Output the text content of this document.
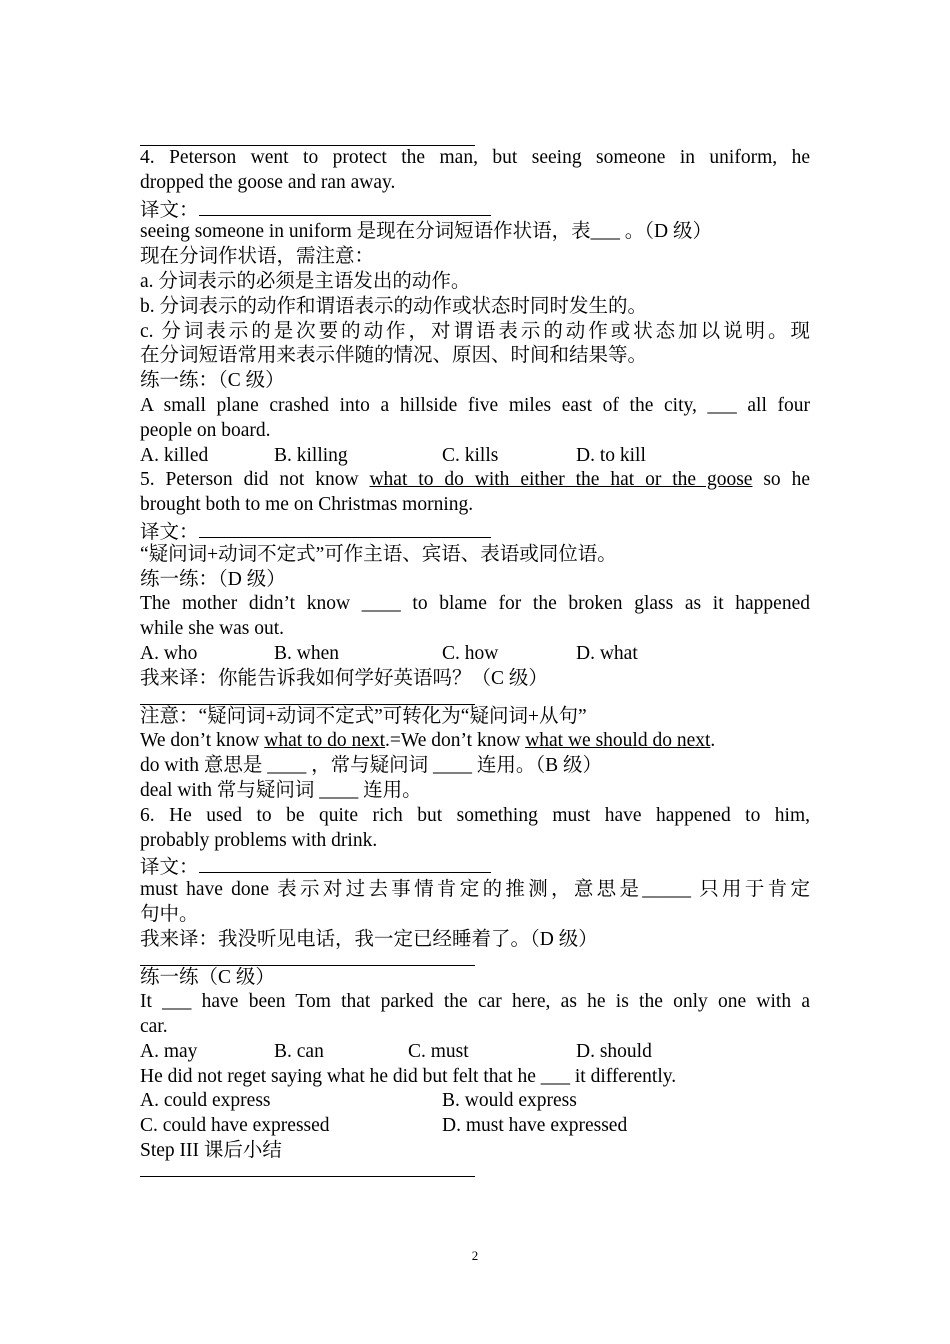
4. Peterson went to protect the man, but seeing someone in uniform, he
dropped the goose and ran away.
译文：
seeing someone in uniform 是现在分词短语作状语，表___ 。（D 级）
现在分词作状语，需注意：
a. 分词表示的必须是主语发出的动作。
b. 分词表示的动作和谓语表示的动作或状态时同时发生的。
c. 分词表示的是次要的动作，对谓语表示的动作或状态加以说明。现
在分词短语常用来表示伴随的情况、原因、时间和结果等。
练一练：（C 级）
A small plane crashed into a hillside five miles east of the city, ___ all four
people on board.
A. killed	B. killing	C. kills	D. to kill
5. Peterson did not know what to do with either the hat or the goose so he
brought both to me on Christmas morning.
译文：
“疑问词+动词不定式”可作主语、宾语、表语或同位语。
练一练：（D 级）
The mother didn’t know ____ to blame for the broken glass as it happened
while she was out.
A. who	B. when	C. how	D. what
我来译：你能告诉我如何学好英语吗？（C 级）
注意：“疑问词+动词不定式”可转化为“疑问词+从句”
We don’t know what to do next.=We don’t know what we should do next.
do with 意思是 ____ ，常与疑问词 ____ 连用。（B 级）
deal with 常与疑问词 ____ 连用。
6. He used to be quite rich but something must have happened to him,
probably problems with drink.
译文：
must have done 表示对过去事情肯定的推测，意思是_____ 只用于肯定
句中。
我来译：我没听见电话，我一定已经睡着了。（D 级）
练一练（C 级）
It ___ have been Tom that parked the car here, as he is the only one with a
car.
A. may	B. can	C. must	D. should
He did not reget saying what he did but felt that he ___ it differently.
A. could express	B. would express
C. could have expressed	D. must have expressed
Step III 课后小结
2
